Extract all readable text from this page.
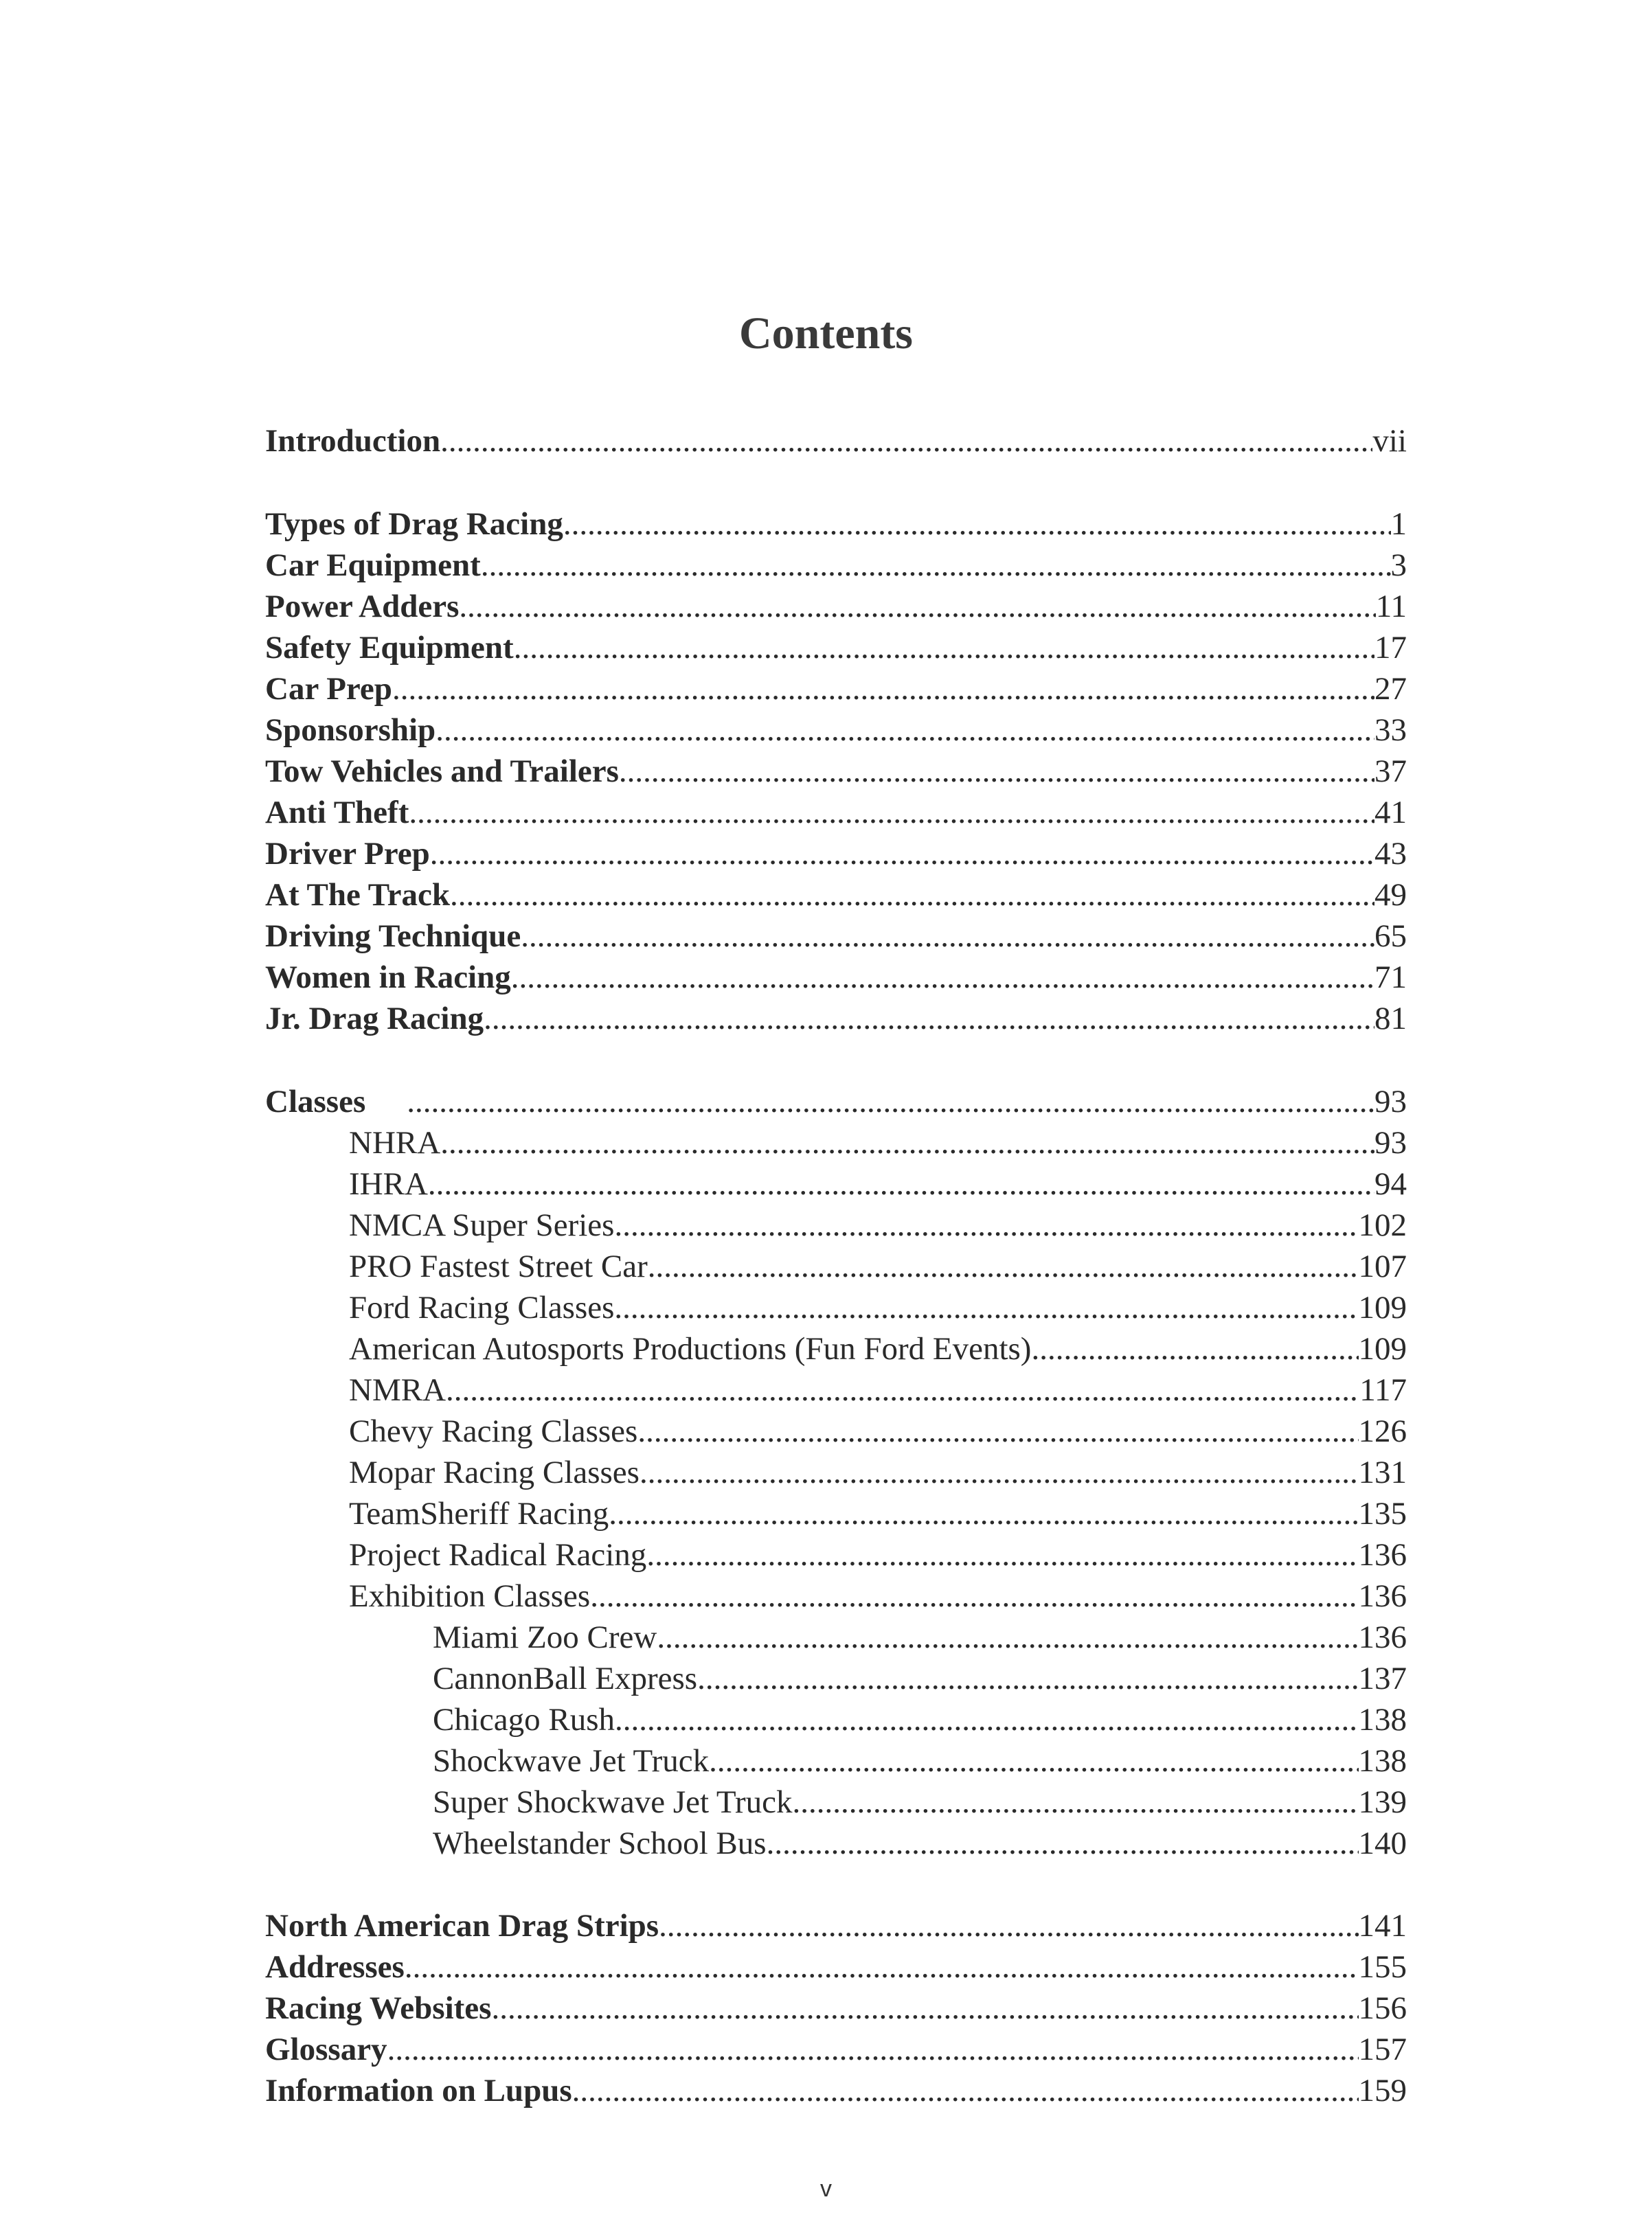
Contents
Introduction .....	vii
Types of Drag Racing .....	1
Car Equipment .....	3
Power Adders .....	11
Safety Equipment .....	17
Car Prep .....	27
Sponsorship .....	33
Tow Vehicles and Trailers .....	37
Anti Theft .....	41
Driver Prep .....	43
At The Track .....	49
Driving Technique .....	65
Women in Racing .....	71
Jr. Drag Racing .....	81
Classes .....	93
NHRA .....	93
IHRA .....	94
NMCA Super Series .....	102
PRO Fastest Street Car .....	107
Ford Racing Classes .....	109
American Autosports Productions (Fun Ford Events) .....	109
NMRA .....	117
Chevy Racing Classes .....	126
Mopar Racing Classes .....	131
TeamSheriff Racing .....	135
Project Radical Racing .....	136
Exhibition Classes .....	136
Miami Zoo Crew .....	136
CannonBall Express .....	137
Chicago Rush .....	138
Shockwave Jet Truck .....	138
Super Shockwave Jet Truck .....	139
Wheelstander School Bus .....	140
North American Drag Strips .....	141
Addresses .....	155
Racing Websites .....	156
Glossary .....	157
Information on Lupus .....	159
v
